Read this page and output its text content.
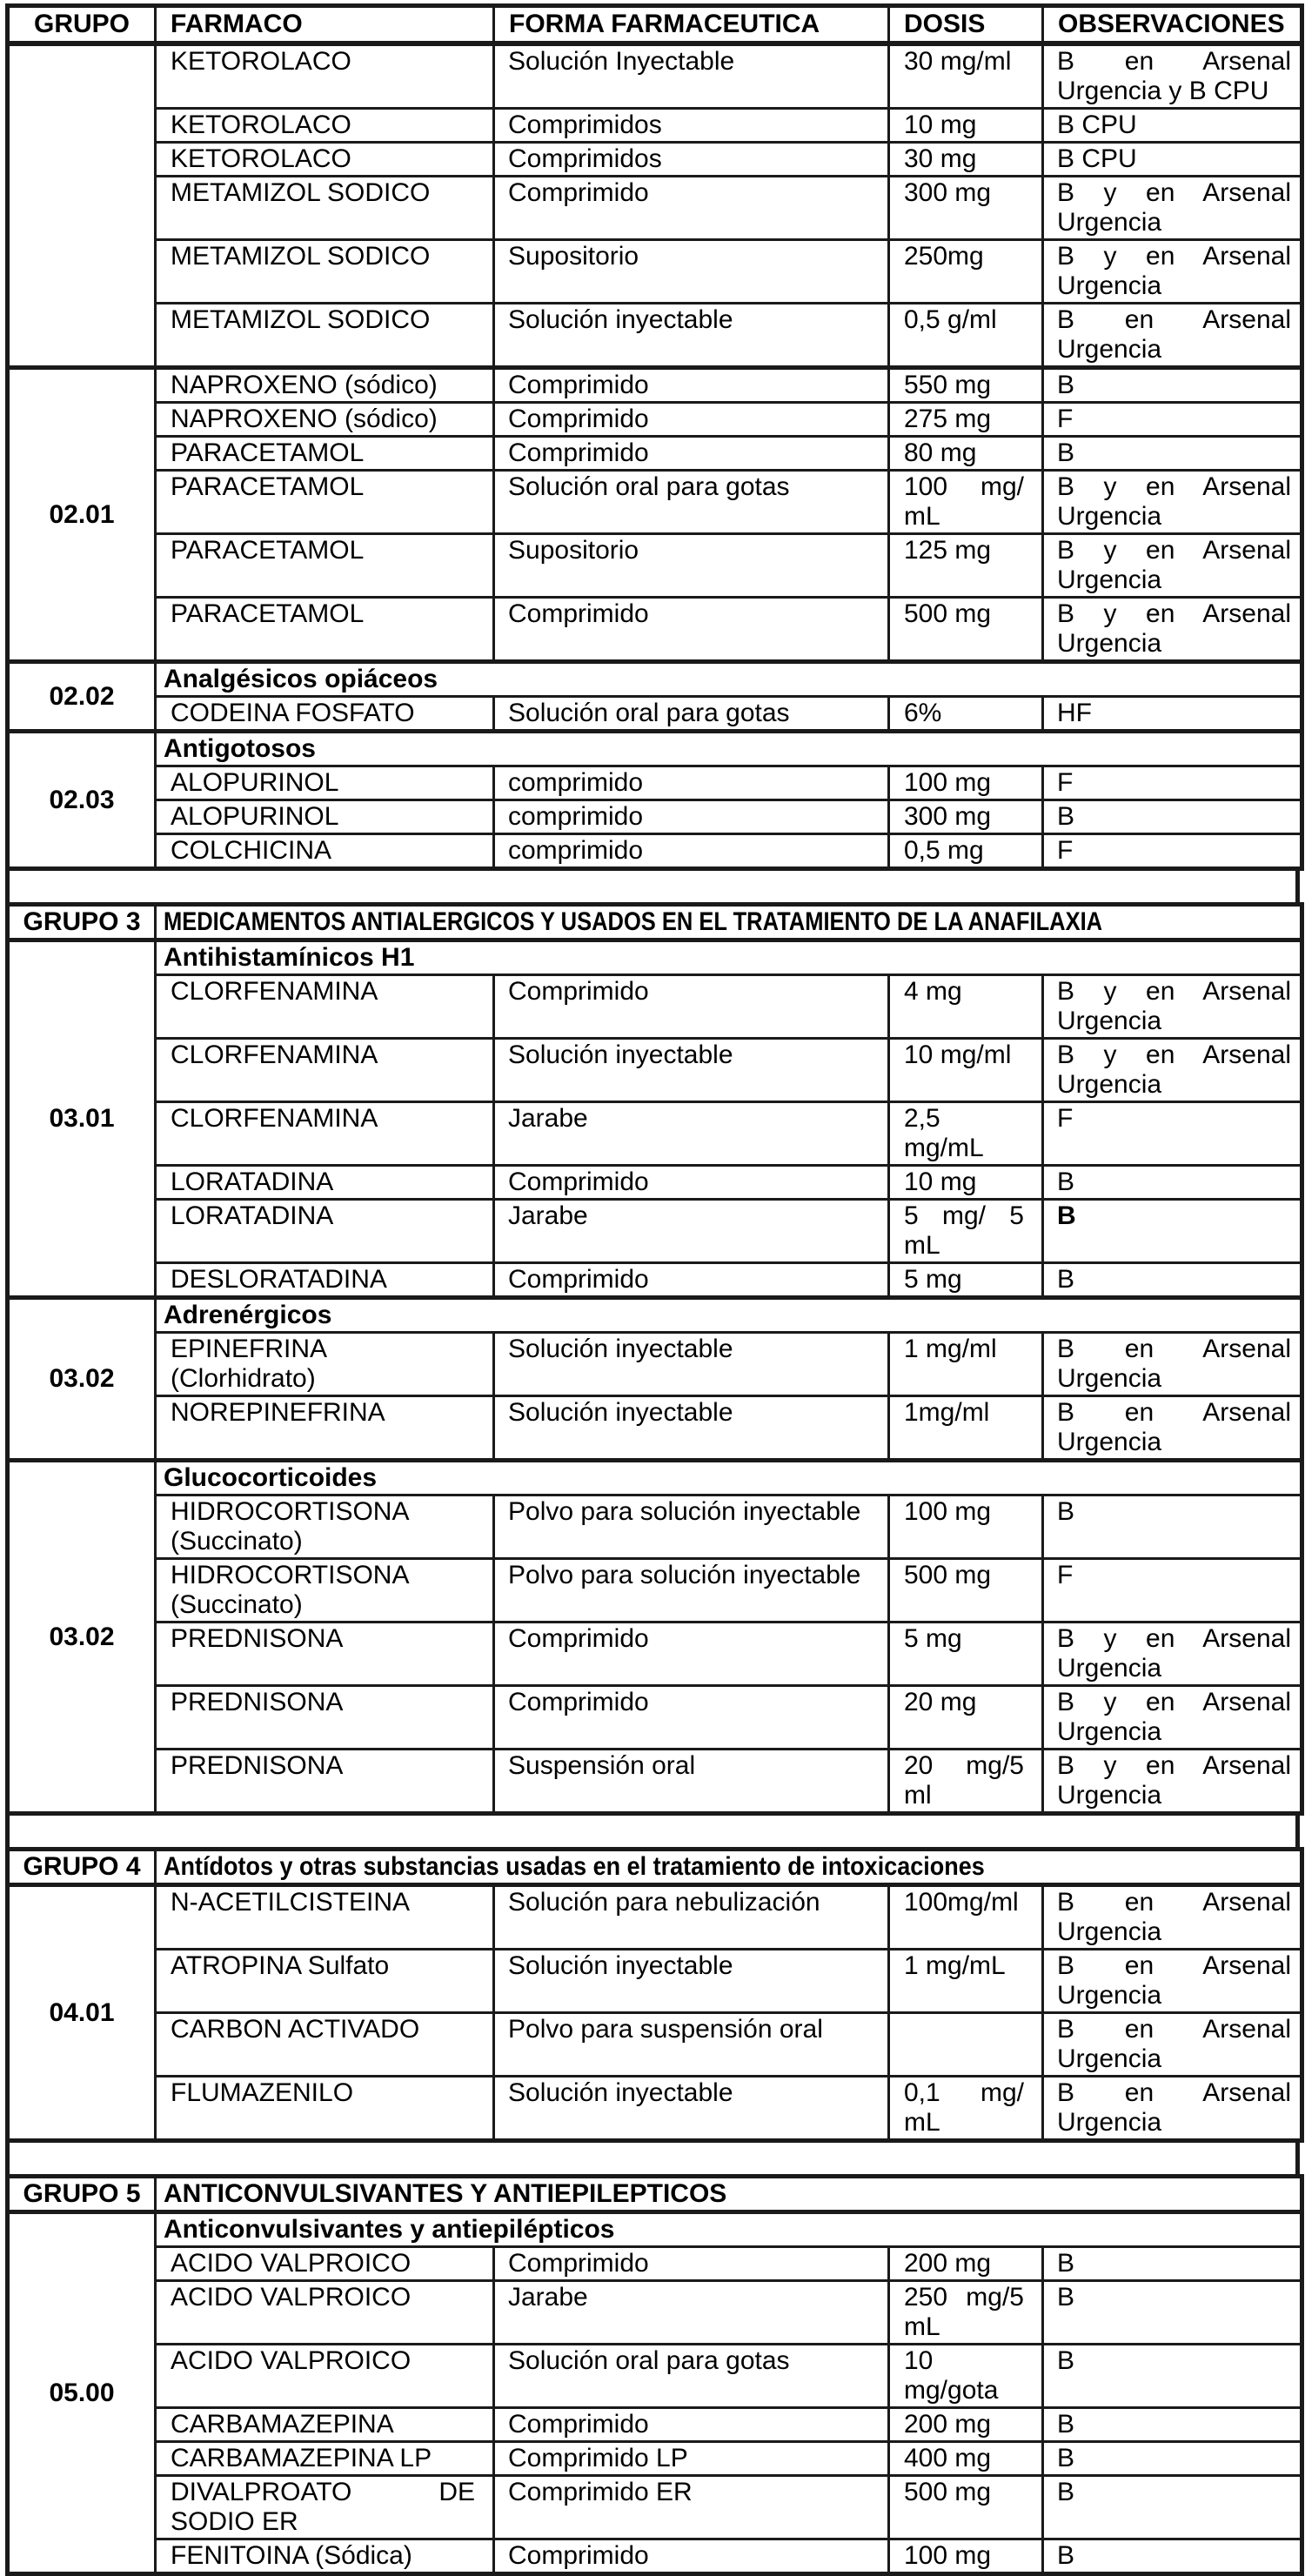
GRUPO	FARMACO	FORMA FARMACEUTICA	DOSIS	OBSERVACIONES
	KETOROLACO	Solución Inyectable	30 mg/ml	B en Arsenal Urgencia y B CPU
	KETOROLACO	Comprimidos	10 mg	B CPU
	KETOROLACO	Comprimidos	30 mg	B CPU
	METAMIZOL SODICO	Comprimido	300 mg	B y en Arsenal Urgencia
	METAMIZOL SODICO	Supositorio	250mg	B y en Arsenal Urgencia
	METAMIZOL SODICO	Solución inyectable	0,5 g/ml	B en Arsenal Urgencia
02.01	NAPROXENO (sódico)	Comprimido	550 mg	B
	NAPROXENO (sódico)	Comprimido	275 mg	F
	PARACETAMOL	Comprimido	80 mg	B
	PARACETAMOL	Solución oral para gotas	100 mg/ mL	B y en Arsenal Urgencia
	PARACETAMOL	Supositorio	125 mg	B y en Arsenal Urgencia
	PARACETAMOL	Comprimido	500 mg	B y en Arsenal Urgencia
02.02	Analgésicos opiáceos			
	CODEINA FOSFATO	Solución oral para gotas	6%	HF
02.03	Antigotosos			
	ALOPURINOL	comprimido	100 mg	F
	ALOPURINOL	comprimido	300 mg	B
	COLCHICINA	comprimido	0,5 mg	F
GRUPO 3	MEDICAMENTOS ANTIALERGICOS Y USADOS EN EL TRATAMIENTO DE LA ANAFILAXIA			
03.01	Antihistamínicos H1			
	CLORFENAMINA	Comprimido	4 mg	B y en Arsenal Urgencia
	CLORFENAMINA	Solución inyectable	10 mg/ml	B y en Arsenal Urgencia
	CLORFENAMINA	Jarabe	2,5 mg/mL	F
	LORATADINA	Comprimido	10 mg	B
	LORATADINA	Jarabe	5 mg/ 5 mL	B
	DESLORATADINA	Comprimido	5 mg	B
03.02	Adrenérgicos			
	EPINEFRINA (Clorhidrato)	Solución inyectable	1 mg/ml	B en Arsenal Urgencia
	NOREPINEFRINA	Solución inyectable	1mg/ml	B en Arsenal Urgencia
03.02	Glucocorticoides			
	HIDROCORTISONA (Succinato)	Polvo para solución inyectable	100 mg	B
	HIDROCORTISONA (Succinato)	Polvo para solución inyectable	500 mg	F
	PREDNISONA	Comprimido	5 mg	B y en Arsenal Urgencia
	PREDNISONA	Comprimido	20 mg	B y en Arsenal Urgencia
	PREDNISONA	Suspensión oral	20 mg/5 ml	B y en Arsenal Urgencia
GRUPO 4	Antídotos y otras substancias usadas en el tratamiento de intoxicaciones			
04.01	N-ACETILCISTEINA	Solución para nebulización	100mg/ml	B en Arsenal Urgencia
	ATROPINA Sulfato	Solución inyectable	1 mg/mL	B en Arsenal Urgencia
	CARBON ACTIVADO	Polvo para suspensión oral		B en Arsenal Urgencia
	FLUMAZENILO	Solución inyectable	0,1 mg/ mL	B en Arsenal Urgencia
GRUPO 5	ANTICONVULSIVANTES Y ANTIEPILEPTICOS			
05.00	Anticonvulsivantes y antiepilépticos			
	ACIDO VALPROICO	Comprimido	200 mg	B
	ACIDO VALPROICO	Jarabe	250 mg/5 mL	B
	ACIDO VALPROICO	Solución oral para gotas	10 mg/gota	B
	CARBAMAZEPINA	Comprimido	200 mg	B
	CARBAMAZEPINA LP	Comprimido LP	400 mg	B
	DIVALPROATO DE SODIO ER	Comprimido ER	500 mg	B
	FENITOINA (Sódica)	Comprimido	100 mg	B
